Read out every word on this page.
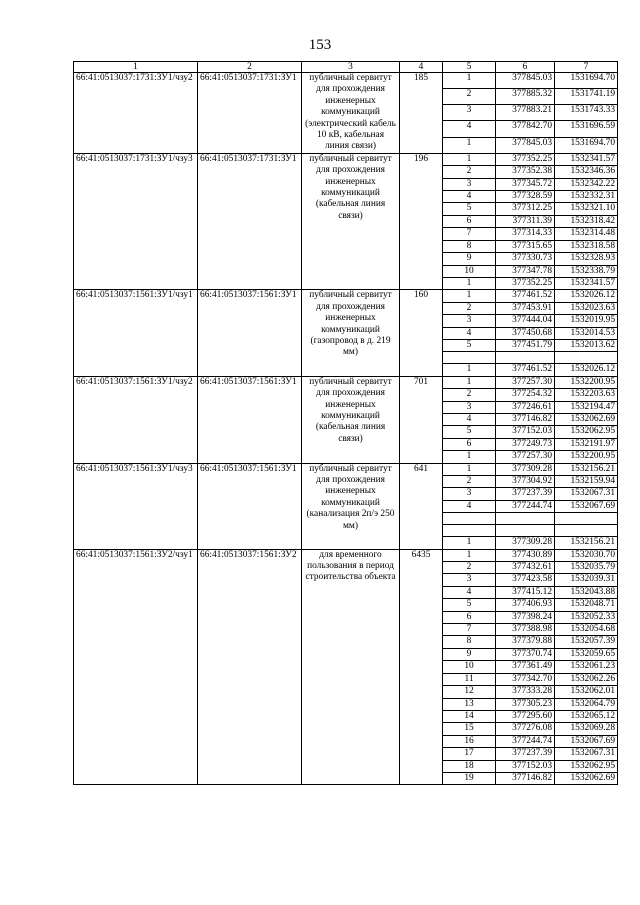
153
1	2	3	4	5	6	7
66:41:0513037:1731:ЗУ1/чзу2	66:41:0513037:1731:ЗУ1	публичный сервитут для прохождения инженерных коммуникаций (электрический кабель 10 кВ, кабельная линия связи)	185	1	377845.03	1531694.70
				2	377885.32	1531741.19
				3	377883.21	1531743.33
				4	377842.70	1531696.59
				1	377845.03	1531694.70
66:41:0513037:1731:ЗУ1/чзу3	66:41:0513037:1731:ЗУ1	публичный сервитут для прохождения инженерных коммуникаций (кабельная линия связи)	196	1	377352.25	1532341.57
				2	377352.38	1532346.36
				3	377345.72	1532342.22
				4	377328.59	1532332.31
				5	377312.25	1532321.10
				6	377311.39	1532318.42
				7	377314.33	1532314.48
				8	377315.65	1532318.58
				9	377330.73	1532328.93
				10	377347.78	1532338.79
				1	377352.25	1532341.57
66:41:0513037:1561:ЗУ1/чзу1	66:41:0513037:1561:ЗУ1	публичный сервитут для прохождения инженерных коммуникаций (газопровод в д. 219 мм)	160	1	377461.52	1532026.12
				2	377453.91	1532023.63
				3	377444.04	1532019.95
				4	377450.68	1532014.53
				5	377451.79	1532013.62

				1	377461.52	1532026.12
66:41:0513037:1561:ЗУ1/чзу2	66:41:0513037:1561:ЗУ1	публичный сервитут для прохождения инженерных коммуникаций (кабельная линия связи)	701	1	377257.30	1532200.95
				2	377254.32	1532203.63
				3	377246.61	1532194.47
				4	377146.82	1532062.69
				5	377152.03	1532062.95
				6	377249.73	1532191.97
				1	377257.30	1532200.95
66:41:0513037:1561:ЗУ1/чзу3	66:41:0513037:1561:ЗУ1	публичный сервитут для прохождения инженерных коммуникаций (канализация 2п/э 250 мм)	641	1	377309.28	1532156.21
				2	377304.92	1532159.94
				3	377237.39	1532067.31
				4	377244.74	1532067.69

				1	377309.28	1532156.21
66:41:0513037:1561:ЗУ2/чзу1	66:41:0513037:1561:ЗУ2	для временного пользования в период строительства объекта	6435	1	377430.89	1532030.70
				2	377432.61	1532035.79
				3	377423.58	1532039.31
				4	377415.12	1532043.88
				5	377406.93	1532048.71
				6	377398.24	1532052.33
				7	377388.98	1532054.68
				8	377379.88	1532057.39
				9	377370.74	1532059.65
				10	377361.49	1532061.23
				11	377342.70	1532062.26
				12	377333.28	1532062.01
				13	377305.23	1532064.79
				14	377295.60	1532065.12
				15	377276.08	1532069.28
				16	377244.74	1532067.69
				17	377237.39	1532067.31
				18	377152.03	1532062.95
				19	377146.82	1532062.69
